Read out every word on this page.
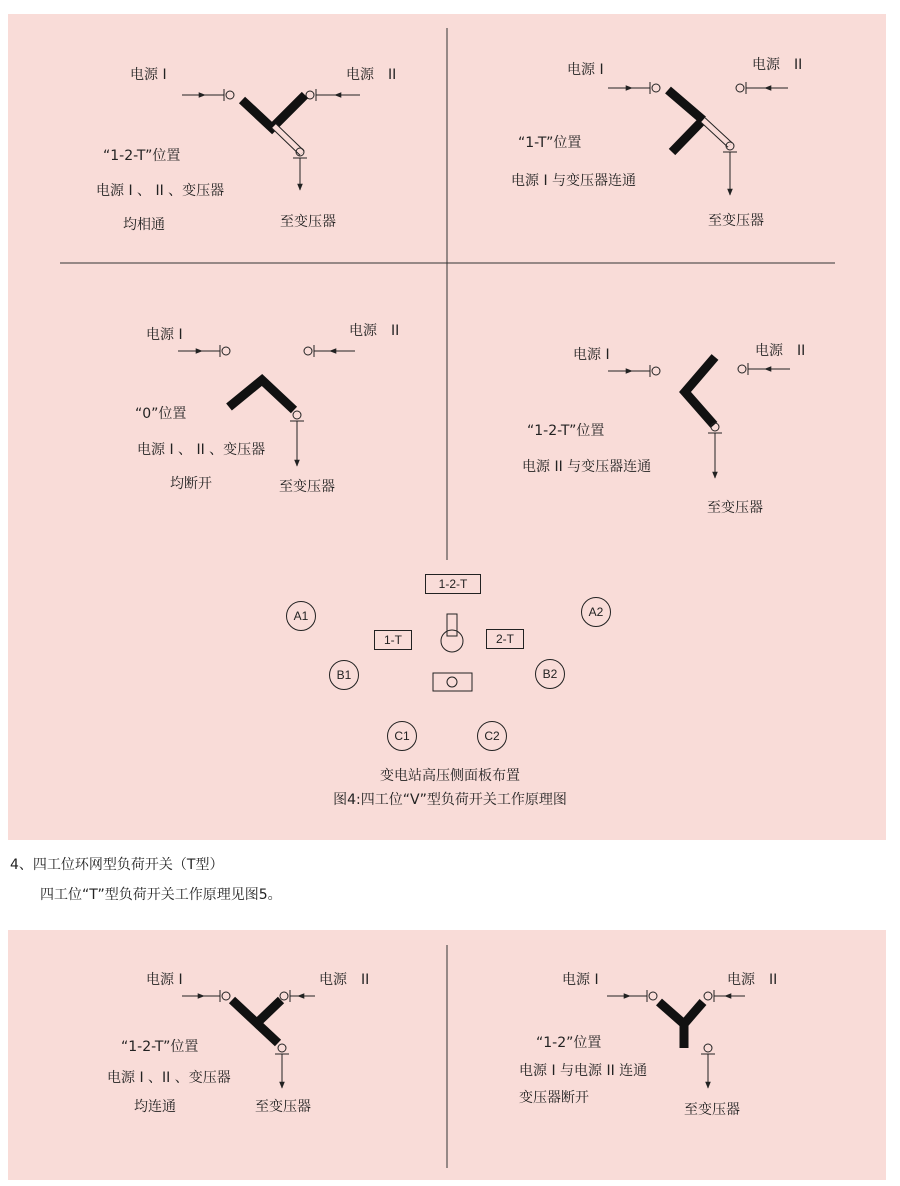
电源 I	电源　II
“1-2-T”位置
电源 I 、 II 、变压器
均相通	至变压器
电源 I	电源　II
“1-T”位置
电源 I 与变压器连通
至变压器
电源 I	电源　II
“0”位置
电源 I 、 II 、变压器
均断开	至变压器
电源 I	电源　II
“1-2-T”位置
电源 II 与变压器连通
至变压器
1-2-T
1-T	2-T
A1	A2
B1	B2
C1	C2
变电站高压侧面板布置
图4:四工位“V”型负荷开关工作原理图
4、四工位环网型负荷开关（T型）
四工位“T”型负荷开关工作原理见图5。
电源 I	电源　II
“1-2-T”位置
电源 I 、II 、变压器
均连通	至变压器
电源 I	电源　II
“1-2”位置
电源 I 与电源 II 连通
变压器断开
至变压器
